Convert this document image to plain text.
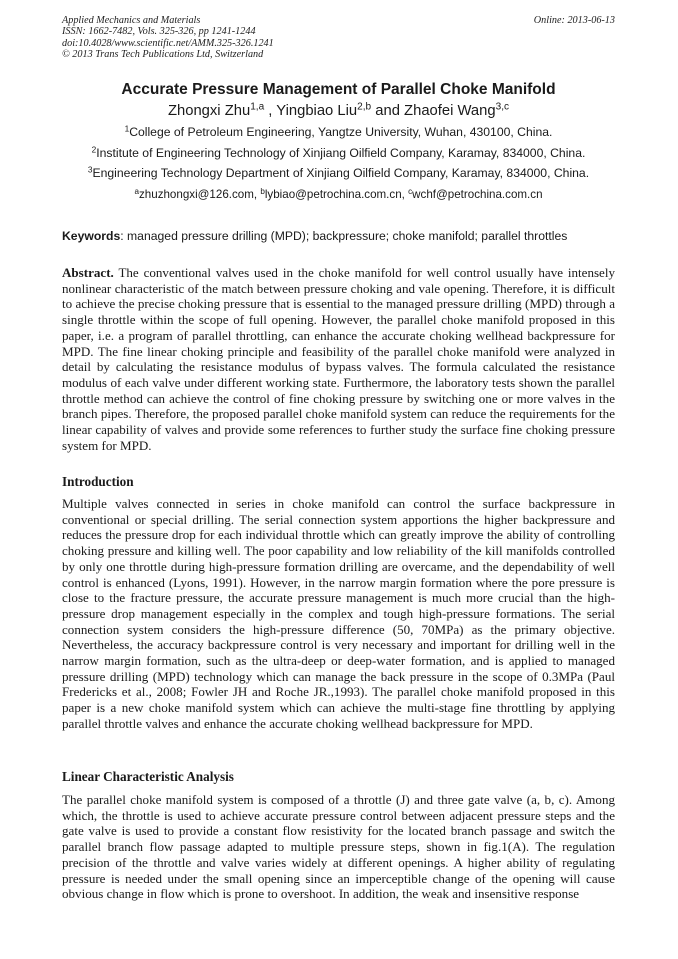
Applied Mechanics and Materials
ISSN: 1662-7482, Vols. 325-326, pp 1241-1244
doi:10.4028/www.scientific.net/AMM.325-326.1241
© 2013 Trans Tech Publications Ltd, Switzerland
Online: 2013-06-13
Accurate Pressure Management of Parallel Choke Manifold
Zhongxi Zhu$^{1,a}$ , Yingbiao Liu$^{2,b}$ and Zhaofei Wang$^{3,c}$
$^1$College of Petroleum Engineering, Yangtze University, Wuhan, 430100, China.
$^2$Institute of Engineering Technology of Xinjiang Oilfield Company, Karamay, 834000, China.
$^3$Engineering Technology Department of Xinjiang Oilfield Company, Karamay, 834000, China.
$^a$zhuzhongxi@126.com, $^b$lybiao@petrochina.com.cn, $^c$wchf@petrochina.com.cn
Keywords: managed pressure drilling (MPD); backpressure; choke manifold; parallel throttles

Abstract. The conventional valves used in the choke manifold for well control usually have intensely nonlinear characteristic of the match between pressure choking and vale opening. Therefore, it is difficult to achieve the precise choking pressure that is essential to the managed pressure drilling (MPD) through a single throttle within the scope of full opening. However, the parallel choke manifold proposed in this paper, i.e. a program of parallel throttling, can enhance the accurate choking wellhead backpressure for MPD. The fine linear choking principle and feasibility of the parallel choke manifold were analyzed in detail by calculating the resistance modulus of bypass valves. The formula calculated the resistance modulus of each valve under different working state. Furthermore, the laboratory tests shown the parallel throttle method can achieve the control of fine choking pressure by switching one or more valves in the branch pipes. Therefore, the proposed parallel choke manifold system can reduce the requirements for the linear capability of valves and provide some references to further study the surface fine choking pressure system for MPD.

Introduction

Multiple valves connected in series in choke manifold can control the surface backpressure in conventional or special drilling. The serial connection system apportions the higher backpressure and reduces the pressure drop for each individual throttle which can greatly improve the ability of controlling choking pressure and killing well. The poor capability and low reliability of the kill manifolds controlled by only one throttle during high-pressure formation drilling are overcame, and the dependability of well control is enhanced (Lyons, 1991). However, in the narrow margin formation where the pore pressure is close to the fracture pressure, the accurate pressure management is much more crucial than the high-pressure drop management especially in the complex and tough high-pressure formations. The serial connection system considers the high-pressure difference (50, 70MPa) as the primary objective. Nevertheless, the accuracy backpressure control is very necessary and important for drilling well in the narrow margin formation, such as the ultra-deep or deep-water formation, and is applied to managed pressure drilling (MPD) technology which can manage the back pressure in the scope of 0.3MPa (Paul Fredericks et al., 2008; Fowler JH and Roche JR.,1993). The parallel choke manifold proposed in this paper is a new choke manifold system which can achieve the multi-stage fine throttling by applying parallel throttle valves and enhance the accurate choking wellhead backpressure for MPD.

Linear Characteristic Analysis

The parallel choke manifold system is composed of a throttle (J) and three gate valve (a, b, c). Among which, the throttle is used to achieve accurate pressure control between adjacent pressure steps and the gate valve is used to provide a constant flow resistivity for the located branch passage and switch the parallel branch flow passage adapted to multiple pressure steps, shown in fig.1(A). The regulation precision of the throttle and valve varies widely at different openings. A higher ability of regulating pressure is needed under the small opening since an imperceptible change of the opening will cause obvious change in flow which is prone to overshoot. In addition, the weak and insensitive response
